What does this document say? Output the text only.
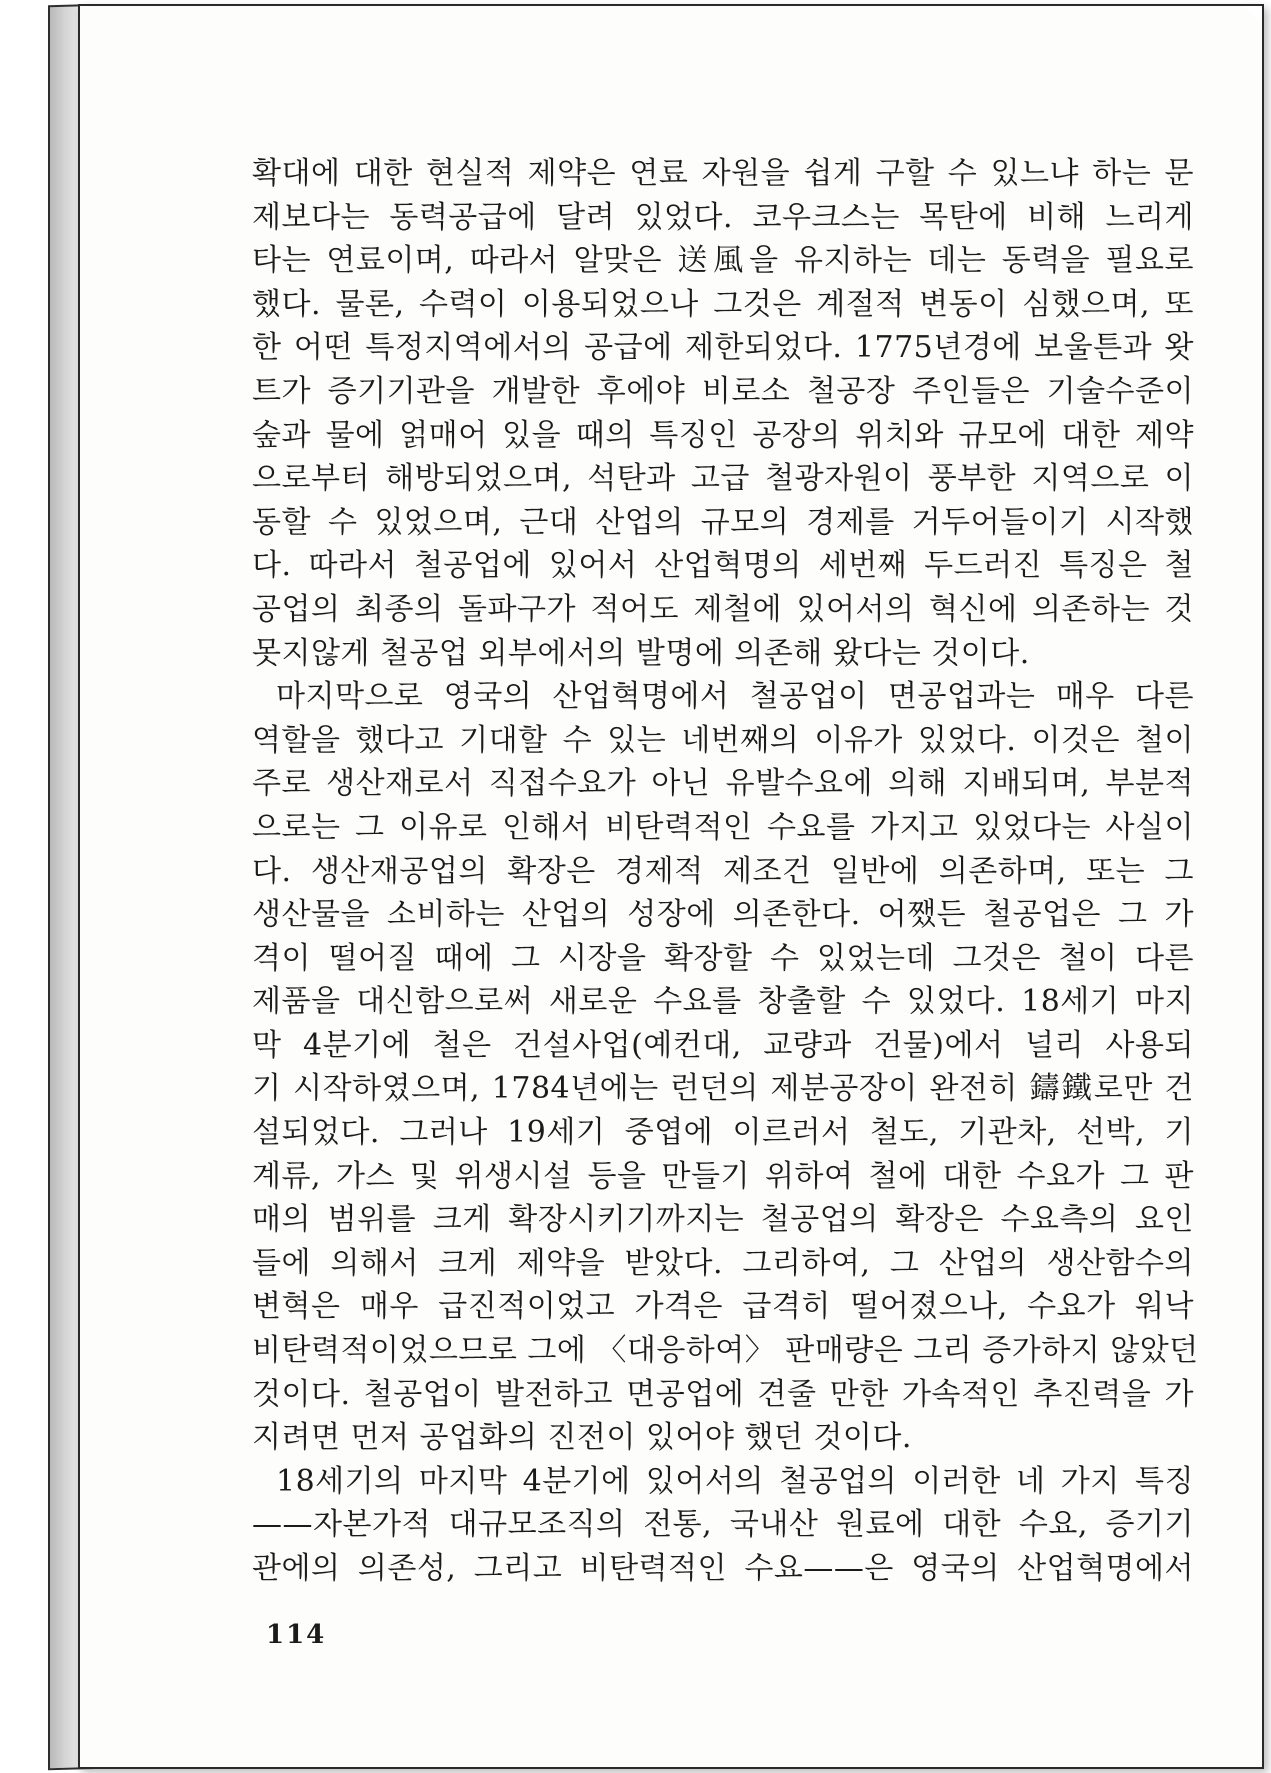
확대에 대한 현실적 제약은 연료 자원을 쉽게 구할 수 있느냐 하는 문
제보다는 동력공급에 달려 있었다. 코우크스는 목탄에 비해 느리게
타는 연료이며, 따라서 알맞은 送風을 유지하는 데는 동력을 필요로
했다. 물론, 수력이 이용되었으나 그것은 계절적 변동이 심했으며, 또
한 어떤 특정지역에서의 공급에 제한되었다. 1775년경에 보울튼과 왓
트가 증기기관을 개발한 후에야 비로소 철공장 주인들은 기술수준이
숲과 물에 얽매어 있을 때의 특징인 공장의 위치와 규모에 대한 제약
으로부터 해방되었으며, 석탄과 고급 철광자원이 풍부한 지역으로 이
동할 수 있었으며, 근대 산업의 규모의 경제를 거두어들이기 시작했
다. 따라서 철공업에 있어서 산업혁명의 세번째 두드러진 특징은 철
공업의 최종의 돌파구가 적어도 제철에 있어서의 혁신에 의존하는 것
못지않게 철공업 외부에서의 발명에 의존해 왔다는 것이다.
마지막으로 영국의 산업혁명에서 철공업이 면공업과는 매우 다른
역할을 했다고 기대할 수 있는 네번째의 이유가 있었다. 이것은 철이
주로 생산재로서 직접수요가 아닌 유발수요에 의해 지배되며, 부분적
으로는 그 이유로 인해서 비탄력적인 수요를 가지고 있었다는 사실이
다. 생산재공업의 확장은 경제적 제조건 일반에 의존하며, 또는 그
생산물을 소비하는 산업의 성장에 의존한다. 어쨌든 철공업은 그 가
격이 떨어질 때에 그 시장을 확장할 수 있었는데 그것은 철이 다른
제품을 대신함으로써 새로운 수요를 창출할 수 있었다. 18세기 마지
막 4분기에 철은 건설사업(예컨대, 교량과 건물)에서 널리 사용되
기 시작하였으며, 1784년에는 런던의 제분공장이 완전히 鑄鐵로만 건
설되었다. 그러나 19세기 중엽에 이르러서 철도, 기관차, 선박, 기
계류, 가스 및 위생시설 등을 만들기 위하여 철에 대한 수요가 그 판
매의 범위를 크게 확장시키기까지는 철공업의 확장은 수요측의 요인
들에 의해서 크게 제약을 받았다. 그리하여, 그 산업의 생산함수의
변혁은 매우 급진적이었고 가격은 급격히 떨어졌으나, 수요가 워낙
비탄력적이었으므로 그에 〈대응하여〉 판매량은 그리 증가하지 않았던
것이다. 철공업이 발전하고 면공업에 견줄 만한 가속적인 추진력을 가
지려면 먼저 공업화의 진전이 있어야 했던 것이다.
18세기의 마지막 4분기에 있어서의 철공업의 이러한 네 가지 특징
——자본가적 대규모조직의 전통, 국내산 원료에 대한 수요, 증기기
관에의 의존성, 그리고 비탄력적인 수요——은 영국의 산업혁명에서
114
